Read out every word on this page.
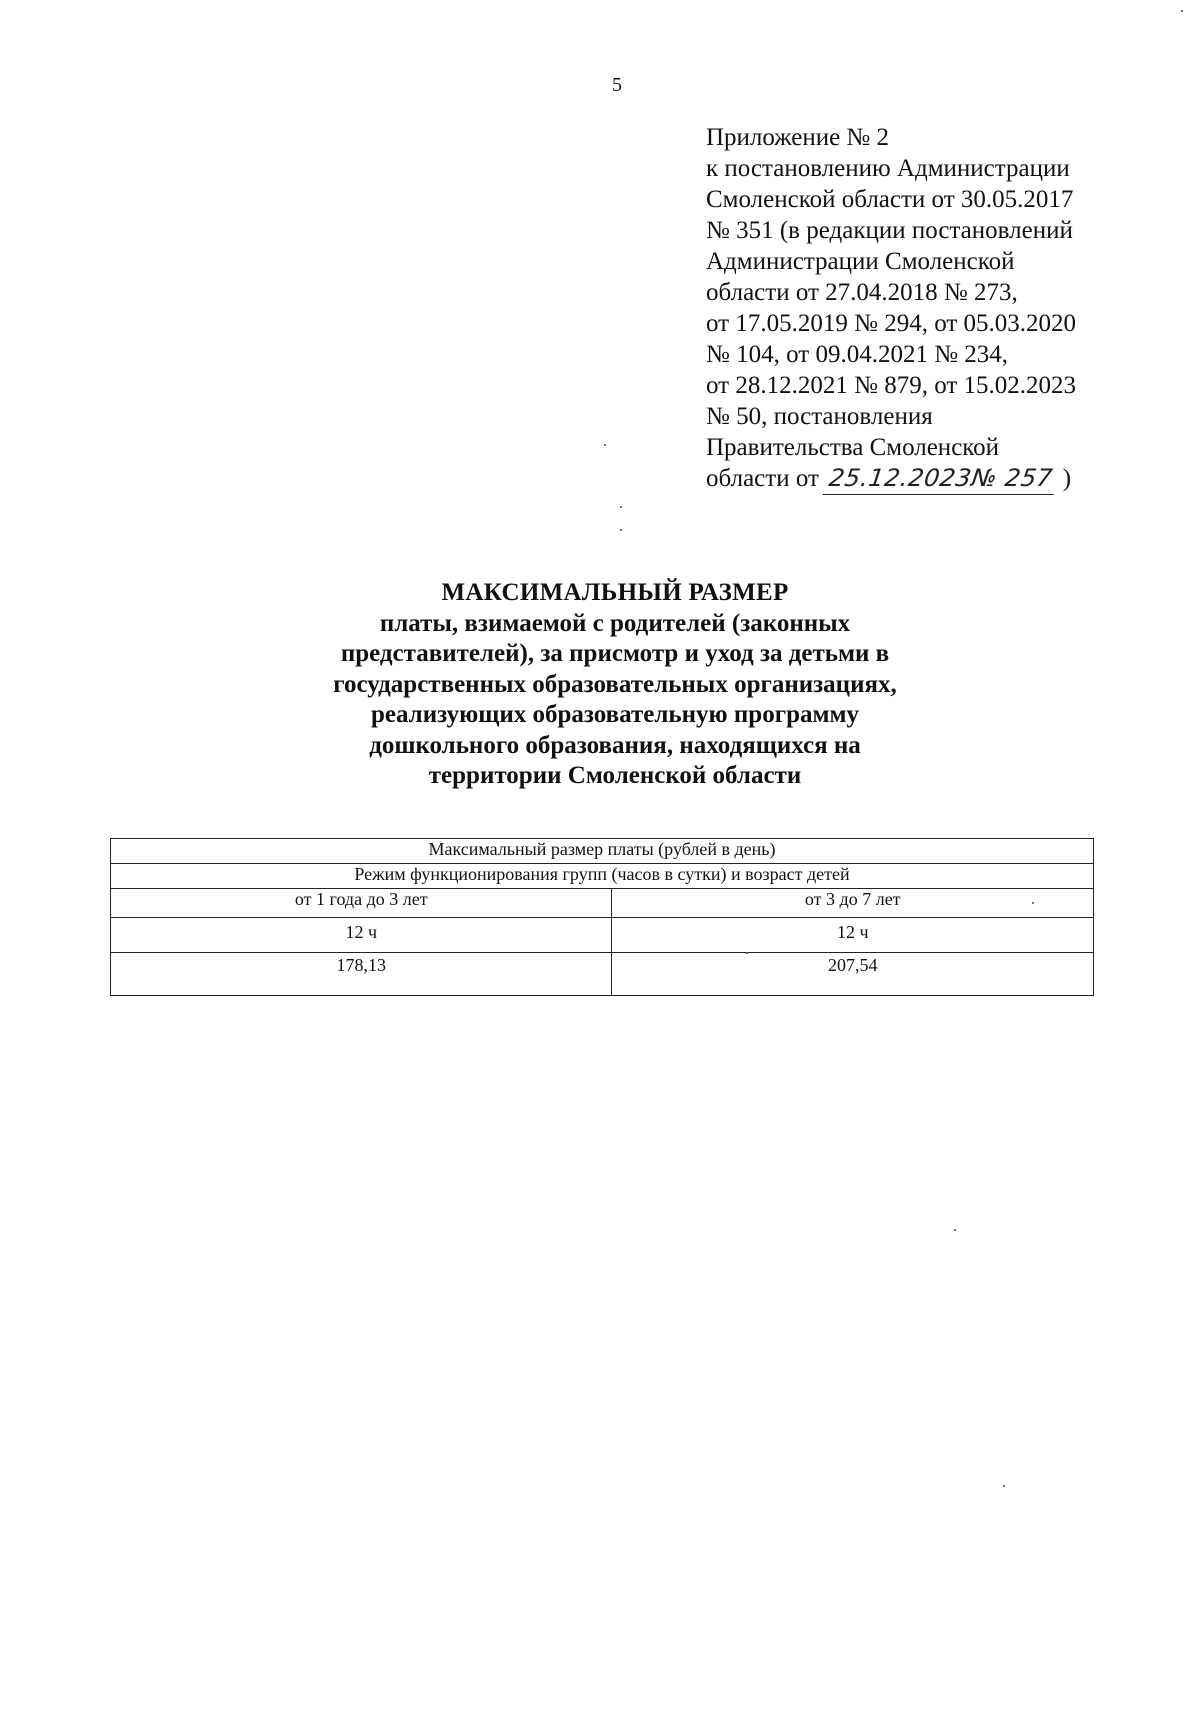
5
Приложение № 2
к постановлению Администрации
Смоленской области от 30.05.2017
№ 351 (в редакции постановлений
Администрации Смоленской
области от 27.04.2018 № 273,
от 17.05.2019 № 294, от 05.03.2020
№ 104, от 09.04.2021 № 234,
от 28.12.2021 № 879, от 15.02.2023
№ 50, постановления
Правительства Смоленской
области от 25.12.2023№ 257 )
МАКСИМАЛЬНЫЙ РАЗМЕР
платы, взимаемой с родителей (законных
представителей), за присмотр и уход за детьми в
государственных образовательных организациях,
реализующих образовательную программу
дошкольного образования, находящихся на
территории Смоленской области
Максимальный размер платы (рублей в день)	
Режим функционирования групп (часов в сутки) и возраст детей	
от 1 года до 3 лет	от 3 до 7 лет
12 ч	12 ч
178,13	207,54
